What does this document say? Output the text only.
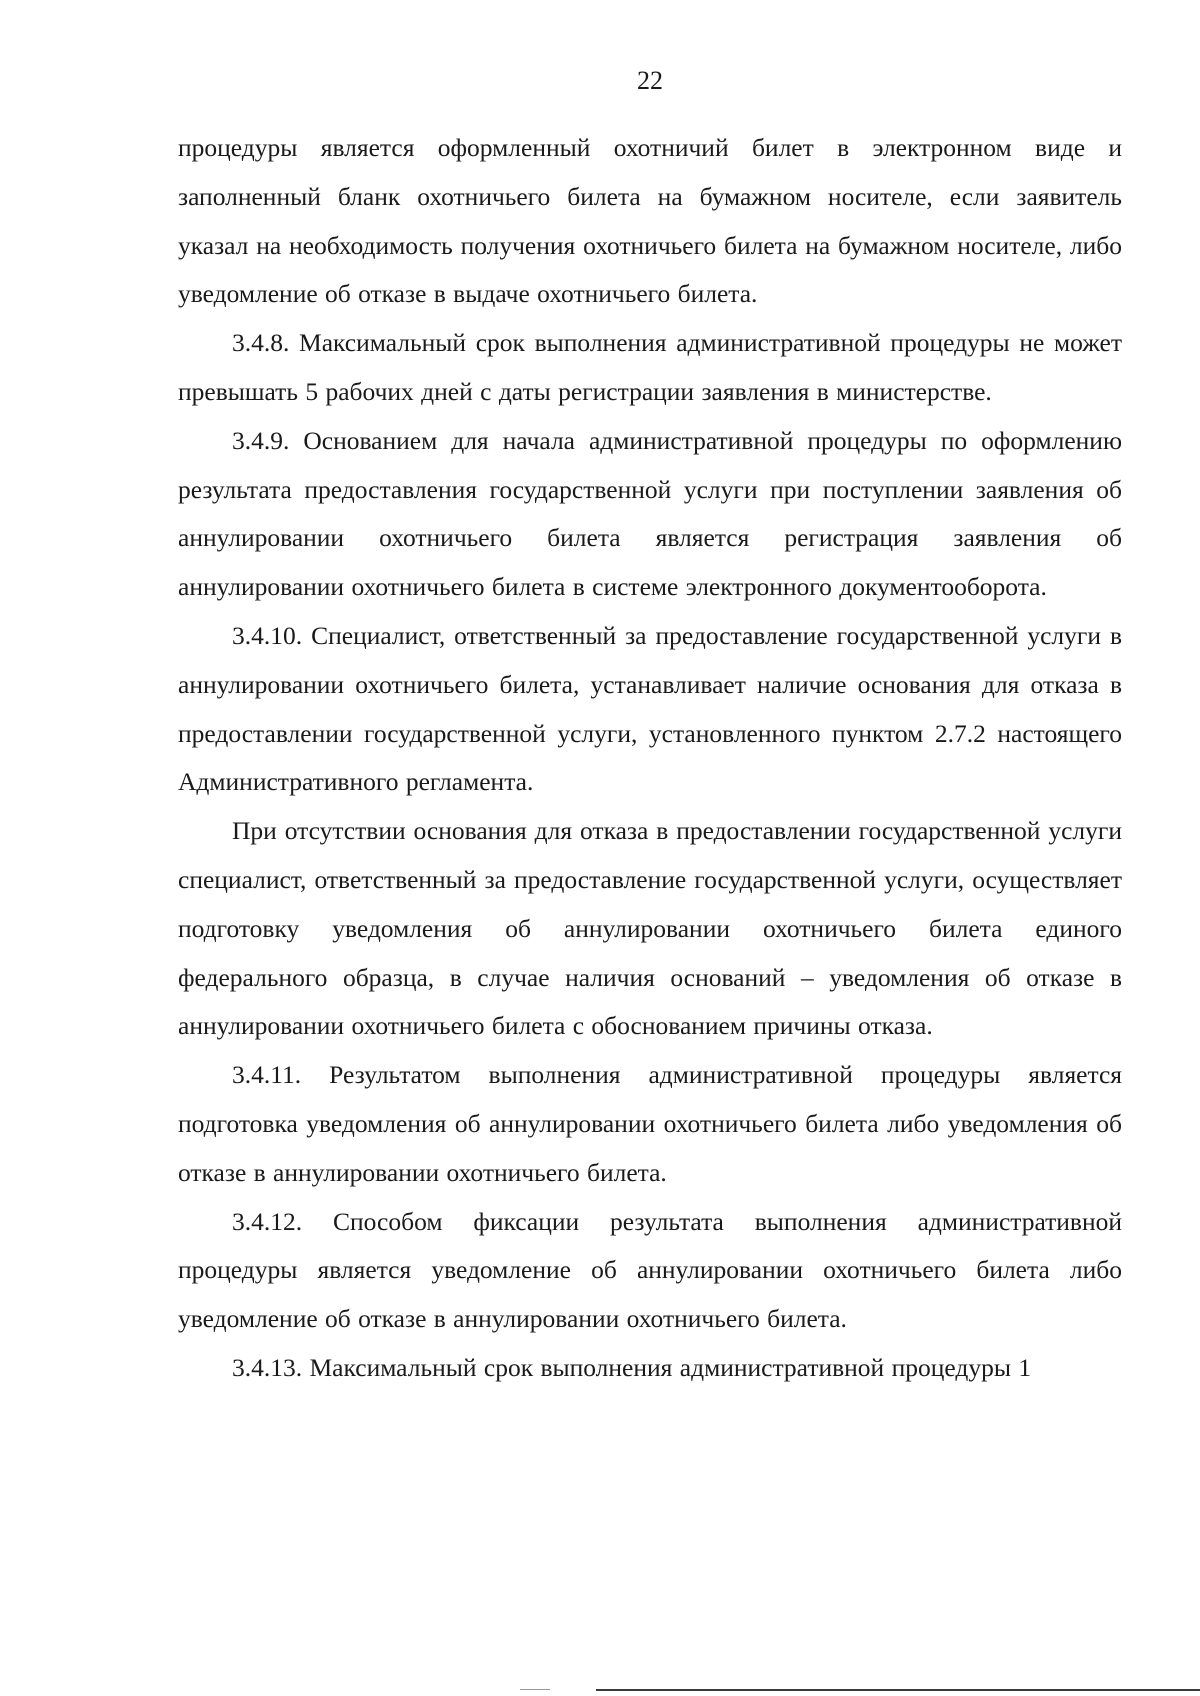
22

процедуры является оформленный охотничий билет в электронном виде и заполненный бланк охотничьего билета на бумажном носителе, если заявитель указал на необходимость получения охотничьего билета на бумажном носителе, либо уведомление об отказе в выдаче охотничьего билета.

3.4.8. Максимальный срок выполнения административной процедуры не может превышать 5 рабочих дней с даты регистрации заявления в министерстве.

3.4.9. Основанием для начала административной процедуры по оформлению результата предоставления государственной услуги при поступлении заявления об аннулировании охотничьего билета является регистрация заявления об аннулировании охотничьего билета в системе электронного документооборота.

3.4.10. Специалист, ответственный за предоставление государственной услуги в аннулировании охотничьего билета, устанавливает наличие основания для отказа в предоставлении государственной услуги, установленного пунктом 2.7.2 настоящего Административного регламента.

При отсутствии основания для отказа в предоставлении государственной услуги специалист, ответственный за предоставление государственной услуги, осуществляет подготовку уведомления об аннулировании охотничьего билета единого федерального образца, в случае наличия оснований – уведомления об отказе в аннулировании охотничьего билета с обоснованием причины отказа.

3.4.11. Результатом выполнения административной процедуры является подготовка уведомления об аннулировании охотничьего билета либо уведомления об отказе в аннулировании охотничьего билета.

3.4.12. Способом фиксации результата выполнения административной процедуры является уведомление об аннулировании охотничьего билета либо уведомление об отказе в аннулировании охотничьего билета.

3.4.13. Максимальный срок выполнения административной процедуры 1
